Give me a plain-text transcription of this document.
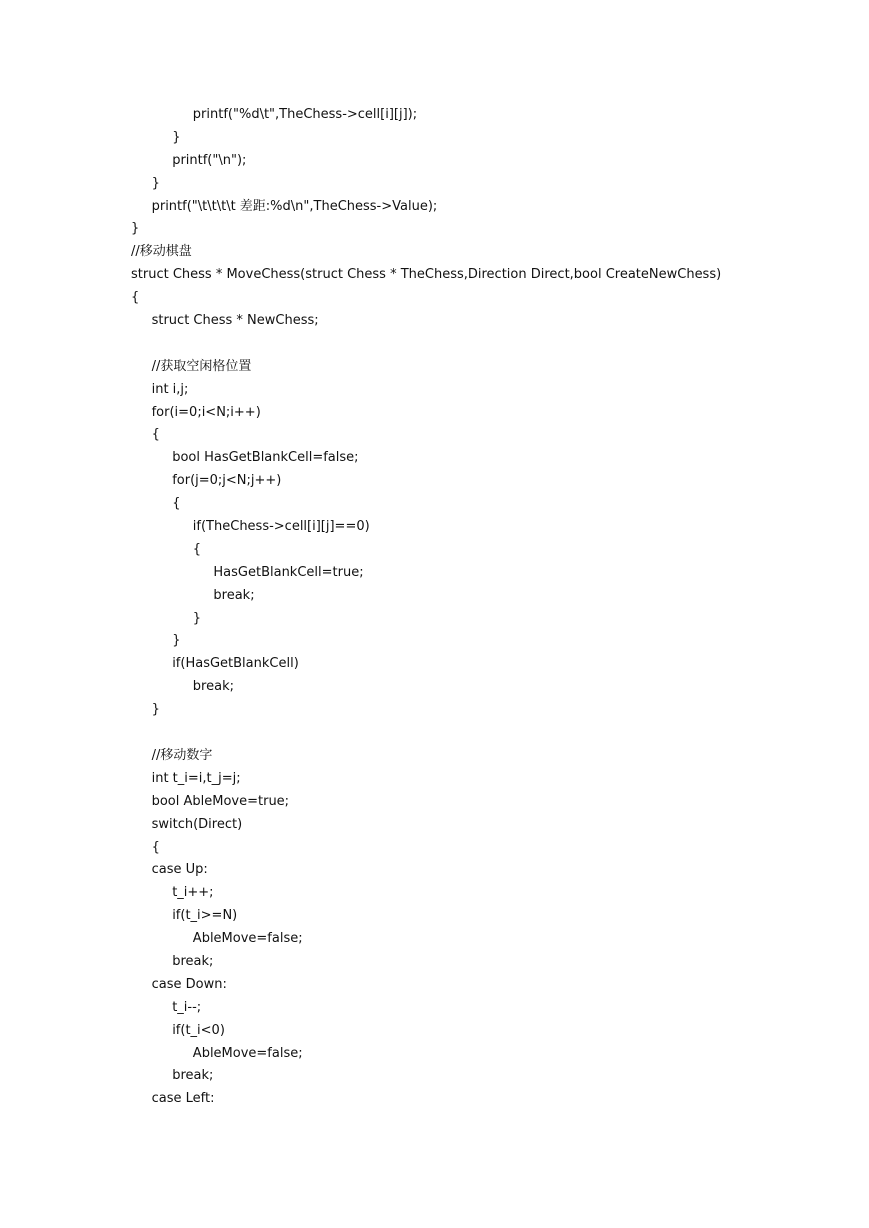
printf("%d\t",TheChess->cell[i][j]);
}
printf("\n");
}
printf("\t\t\t\t 差距:%d\n",TheChess->Value);
}
//移动棋盘
struct Chess * MoveChess(struct Chess * TheChess,Direction Direct,bool CreateNewChess)
{
struct Chess * NewChess;
//获取空闲格位置
int i,j;
for(i=0;i<N;i++)
{
bool HasGetBlankCell=false;
for(j=0;j<N;j++)
{
if(TheChess->cell[i][j]==0)
{
HasGetBlankCell=true;
break;
}
}
if(HasGetBlankCell)
break;
}
//移动数字
int t_i=i,t_j=j;
bool AbleMove=true;
switch(Direct)
{
case Up:
t_i++;
if(t_i>=N)
AbleMove=false;
break;
case Down:
t_i--;
if(t_i<0)
AbleMove=false;
break;
case Left:
